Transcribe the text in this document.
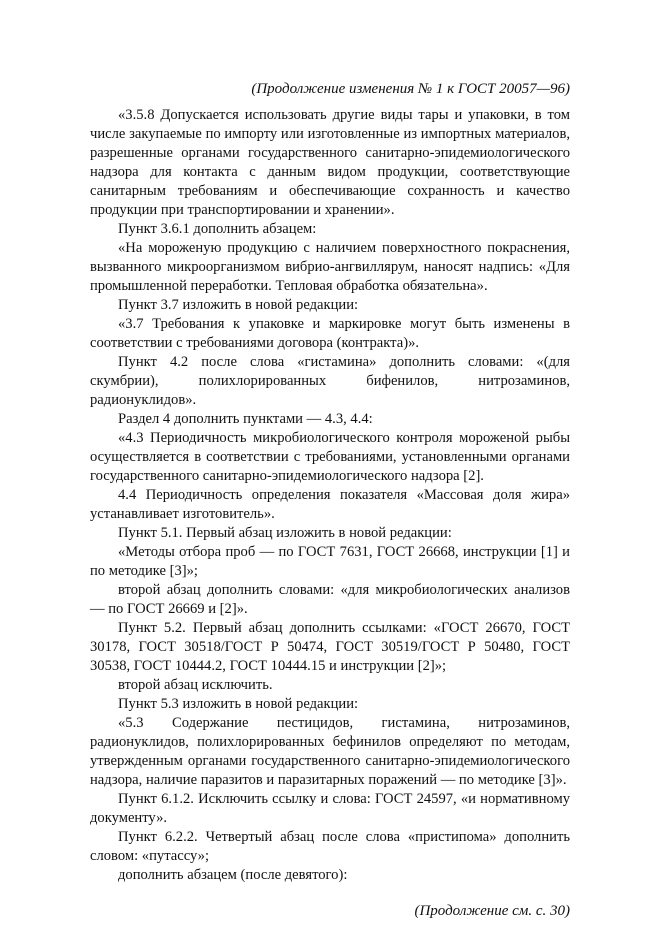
(Продолжение изменения № 1 к ГОСТ 20057—96)

«3.5.8 Допускается использовать другие виды тары и упаковки, в том числе закупаемые по импорту или изготовленные из импортных материалов, разрешенные органами государственного санитарно-эпидемиологического надзора для контакта с данным видом продукции, соответствующие санитарным требованиям и обеспечивающие сохранность и качество продукции при транспортировании и хранении».

Пункт 3.6.1 дополнить абзацем:

«На мороженую продукцию с наличием поверхностного покраснения, вызванного микроорганизмом вибрио-ангвиллярум, наносят надпись: «Для промышленной переработки. Тепловая обработка обязательна».

Пункт 3.7 изложить в новой редакции:

«3.7 Требования к упаковке и маркировке могут быть изменены в соответствии с требованиями договора (контракта)».

Пункт 4.2 после слова «гистамина» дополнить словами: «(для скумбрии), полихлорированных бифенилов, нитрозаминов, радионуклидов».

Раздел 4 дополнить пунктами — 4.3, 4.4:

«4.3 Периодичность микробиологического контроля мороженой рыбы осуществляется в соответствии с требованиями, установленными органами государственного санитарно-эпидемиологического надзора [2].

4.4 Периодичность определения показателя «Массовая доля жира» устанавливает изготовитель».

Пункт 5.1. Первый абзац изложить в новой редакции:

«Методы отбора проб — по ГОСТ 7631, ГОСТ 26668, инструкции [1] и по методике [3]»;

второй абзац дополнить словами: «для микробиологических анализов — по ГОСТ 26669 и [2]».

Пункт 5.2. Первый абзац дополнить ссылками: «ГОСТ 26670, ГОСТ 30178, ГОСТ 30518/ГОСТ Р 50474, ГОСТ 30519/ГОСТ Р 50480, ГОСТ 30538, ГОСТ 10444.2, ГОСТ 10444.15 и инструкции [2]»;

второй абзац исключить.

Пункт 5.3 изложить в новой редакции:

«5.3 Содержание пестицидов, гистамина, нитрозаминов, радионуклидов, полихлорированных бефинилов определяют по методам, утвержденным органами государственного санитарно-эпидемиологического надзора, наличие паразитов и паразитарных поражений — по методике [3]».

Пункт 6.1.2. Исключить ссылку и слова: ГОСТ 24597, «и нормативному документу».

Пункт 6.2.2. Четвертый абзац после слова «пристипома» дополнить словом: «путассу»;

дополнить абзацем (после девятого):

(Продолжение см. с. 30)
